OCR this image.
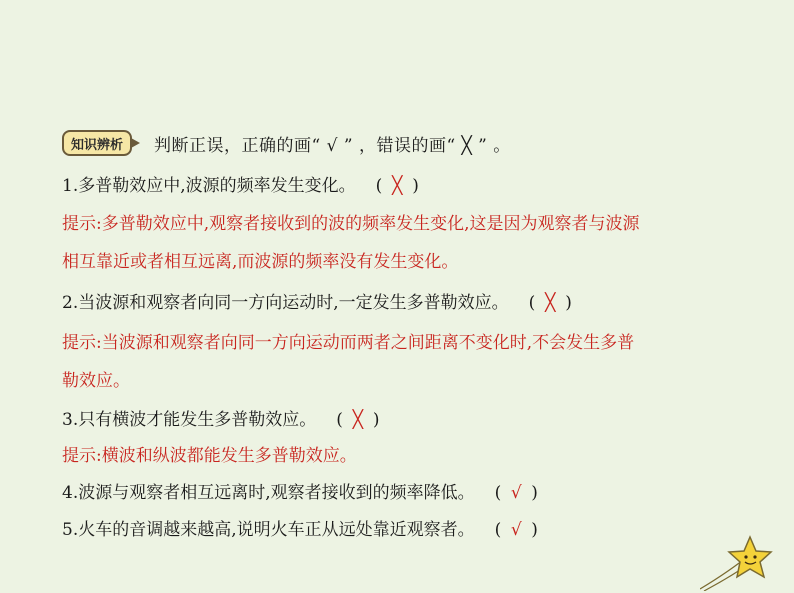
知识辨析	判断正误，正确的画“ √ ” ，错误的画“ ╳ ” 。
1.多普勒效应中,波源的频率发生变化。 ( ╳ )
提示:多普勒效应中,观察者接收到的波的频率发生变化,这是因为观察者与波源
相互靠近或者相互远离,而波源的频率没有发生变化。
2.当波源和观察者向同一方向运动时,一定发生多普勒效应。 ( ╳ )
提示:当波源和观察者向同一方向运动而两者之间距离不变化时,不会发生多普
勒效应。
3.只有横波才能发生多普勒效应。 ( ╳ )
提示:横波和纵波都能发生多普勒效应。
4.波源与观察者相互远离时,观察者接收到的频率降低。 ( √ )
5.火车的音调越来越高,说明火车正从远处靠近观察者。 ( √ )
